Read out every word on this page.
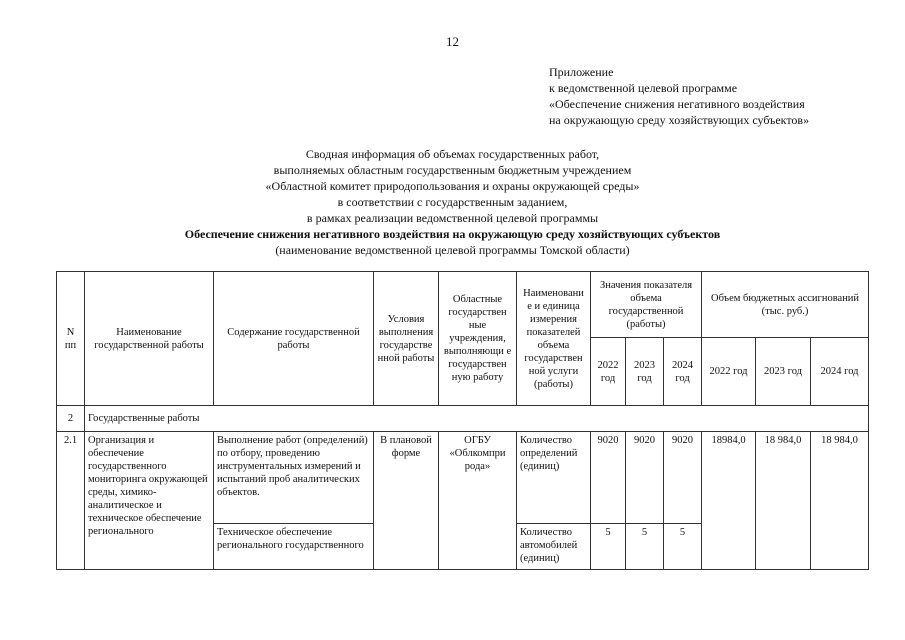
12
Приложение
к ведомственной целевой программе
«Обеспечение снижения негативного воздействия
на окружающую среду хозяйствующих субъектов»
Сводная информация об объемах государственных работ,
выполняемых областным государственным бюджетным учреждением
«Областной комитет природопользования и охраны окружающей среды»
в соответствии с государственным заданием,
в рамках реализации ведомственной целевой программы
Обеспечение снижения негативного воздействия на окружающую среду хозяйствующих субъектов
(наименование ведомственной целевой программы Томской области)
N пп	Наименование государственной работы	Содержание государственной работы	Условия выполнения государстве нной работы	Областные государствен ные учреждения, выполняющи е государствен ную работу	Наименовани е и единица измерения показателей объема государствен ной услуги (работы)	Значения показателя объема государственной (работы)			Объем бюджетных ассигнований (тыс. руб.)		
						2022 год	2023 год	2024 год	2022 год	2023 год	2024 год
2	Государственные работы										
2.1	Организация и обеспечение государственного мониторинга окружающей среды, химико-аналитическое и техническое обеспечение регионального	Выполнение работ (определений) по отбору, проведению инструментальных измерений и испытаний проб аналитических объектов.	В плановой форме	ОГБУ «Облкомпри рода»	Количество определений (единиц)	9020	9020	9020	18984,0	18 984,0	18 984,0
		Техническое обеспечение регионального государственного			Количество автомобилей (единиц)	5	5	5			
